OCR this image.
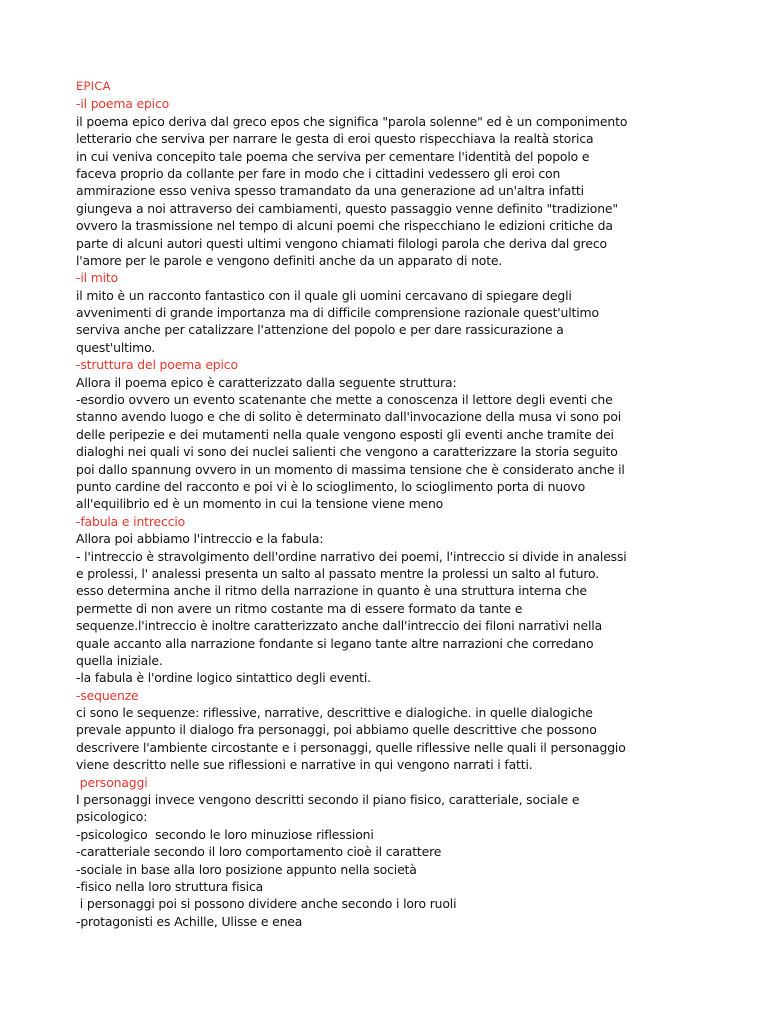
EPICA
-il poema epico
il poema epico deriva dal greco epos che significa "parola solenne" ed è un componimento
letterario che serviva per narrare le gesta di eroi questo rispecchiava la realtà storica
in cui veniva concepito tale poema che serviva per cementare l'identità del popolo e
faceva proprio da collante per fare in modo che i cittadini vedessero gli eroi con
ammirazione esso veniva spesso tramandato da una generazione ad un'altra infatti
giungeva a noi attraverso dei cambiamenti, questo passaggio venne definito "tradizione"
ovvero la trasmissione nel tempo di alcuni poemi che rispecchiano le edizioni critiche da
parte di alcuni autori questi ultimi vengono chiamati filologi parola che deriva dal greco
l'amore per le parole e vengono definiti anche da un apparato di note.
-il mito
il mito è un racconto fantastico con il quale gli uomini cercavano di spiegare degli
avvenimenti di grande importanza ma di difficile comprensione razionale quest'ultimo
serviva anche per catalizzare l'attenzione del popolo e per dare rassicurazione a
quest'ultimo.
-struttura del poema epico
Allora il poema epico è caratterizzato dalla seguente struttura:
-esordio ovvero un evento scatenante che mette a conoscenza il lettore degli eventi che
stanno avendo luogo e che di solito è determinato dall'invocazione della musa vi sono poi
delle peripezie e dei mutamenti nella quale vengono esposti gli eventi anche tramite dei
dialoghi nei quali vi sono dei nuclei salienti che vengono a caratterizzare la storia seguito
poi dallo spannung ovvero in un momento di massima tensione che è considerato anche il
punto cardine del racconto e poi vi è lo scioglimento, lo scioglimento porta di nuovo
all'equilibrio ed è un momento in cui la tensione viene meno
-fabula e intreccio
Allora poi abbiamo l'intreccio e la fabula:
- l'intreccio è stravolgimento dell'ordine narrativo dei poemi, l'intreccio si divide in analessi
e prolessi, l' analessi presenta un salto al passato mentre la prolessi un salto al futuro.
esso determina anche il ritmo della narrazione in quanto è una struttura interna che
permette di non avere un ritmo costante ma di essere formato da tante e
sequenze.l'intreccio è inoltre caratterizzato anche dall'intreccio dei filoni narrativi nella
quale accanto alla narrazione fondante si legano tante altre narrazioni che corredano
quella iniziale.
-la fabula è l'ordine logico sintattico degli eventi.
-sequenze
ci sono le sequenze: riflessive, narrative, descrittive e dialogiche. in quelle dialogiche
prevale appunto il dialogo fra personaggi, poi abbiamo quelle descrittive che possono
descrivere l'ambiente circostante e i personaggi, quelle riflessive nelle quali il personaggio
viene descritto nelle sue riflessioni e narrative in qui vengono narrati i fatti.
personaggi
I personaggi invece vengono descritti secondo il piano fisico, caratteriale, sociale e
psicologico:
-psicologico  secondo le loro minuziose riflessioni
-caratteriale secondo il loro comportamento cioè il carattere
-sociale in base alla loro posizione appunto nella società
-fisico nella loro struttura fisica
i personaggi poi si possono dividere anche secondo i loro ruoli
-protagonisti es Achille, Ulisse e enea
